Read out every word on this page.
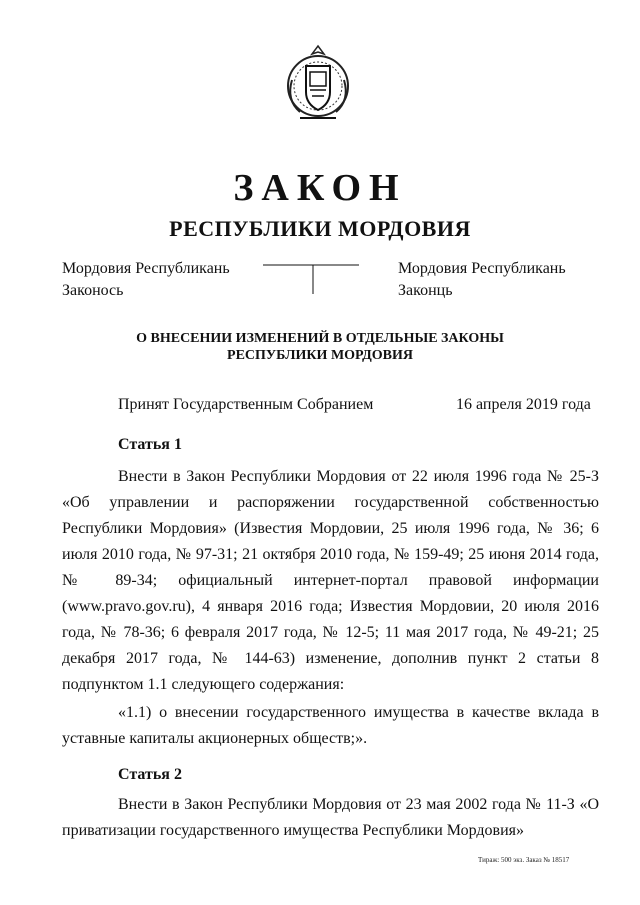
ЗАКОН
РЕСПУБЛИКИ МОРДОВИЯ
Мордовия Республикань
Законось
Мордовия Республикань
Законць
О ВНЕСЕНИИ ИЗМЕНЕНИЙ В ОТДЕЛЬНЫЕ ЗАКОНЫ
РЕСПУБЛИКИ МОРДОВИЯ
Принят Государственным Собранием	16 апреля 2019 года
Статья 1

Внести в Закон Республики Мордовия от 22 июля 1996 года № 25-З «Об управлении и распоряжении государственной собственностью Республики Мордовия» (Известия Мордовии, 25 июля 1996 года, № 36; 6 июля 2010 года, № 97-31; 21 октября 2010 года, № 159-49; 25 июня 2014 года, № 89-34; официальный интернет-портал правовой информации (www.pravo.gov.ru), 4 января 2016 года; Известия Мордовии, 20 июля 2016 года, № 78-36; 6 февраля 2017 года, № 12-5; 11 мая 2017 года, № 49-21; 25 декабря 2017 года, № 144-63) изменение, дополнив пункт 2 статьи 8 подпунктом 1.1 следующего содержания:

«1.1) о внесении государственного имущества в качестве вклада в уставные капиталы акционерных обществ;».

Статья 2

Внести в Закон Республики Мордовия от 23 мая 2002 года № 11-З «О приватизации государственного имущества Республики Мордовия»

Тираж: 500 экз. Заказ № 18517
